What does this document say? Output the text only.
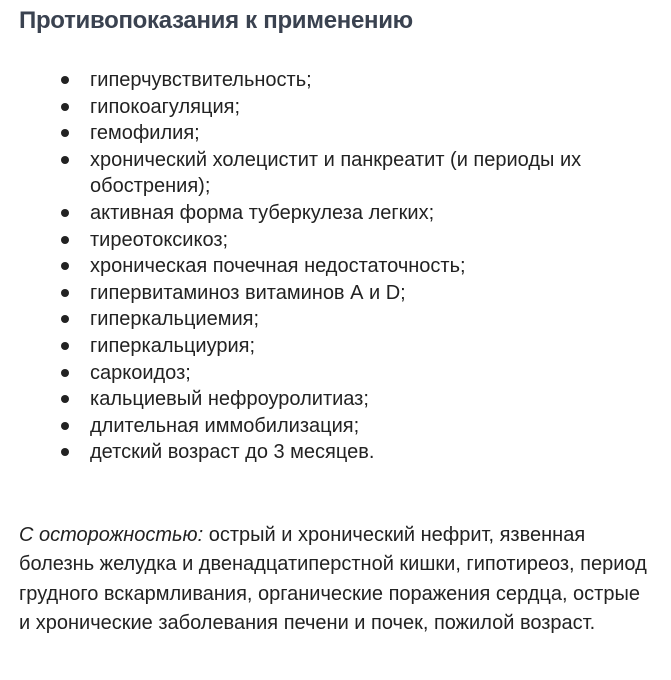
Противопоказания к применению
гиперчувствительность;
гипокоагуляция;
гемофилия;
хронический холецистит и панкреатит (и периоды их обострения);
активная форма туберкулеза легких;
тиреотоксикоз;
хроническая почечная недостаточность;
гипервитаминоз витаминов А и D;
гиперкальциемия;
гиперкальциурия;
саркоидоз;
кальциевый нефроуролитиаз;
длительная иммобилизация;
детский возраст до 3 месяцев.

С осторожностью: острый и хронический нефрит, язвенная болезнь желудка и двенадцатиперстной кишки, гипотиреоз, период грудного вскармливания, органические поражения сердца, острые и хронические заболевания печени и почек, пожилой возраст.
